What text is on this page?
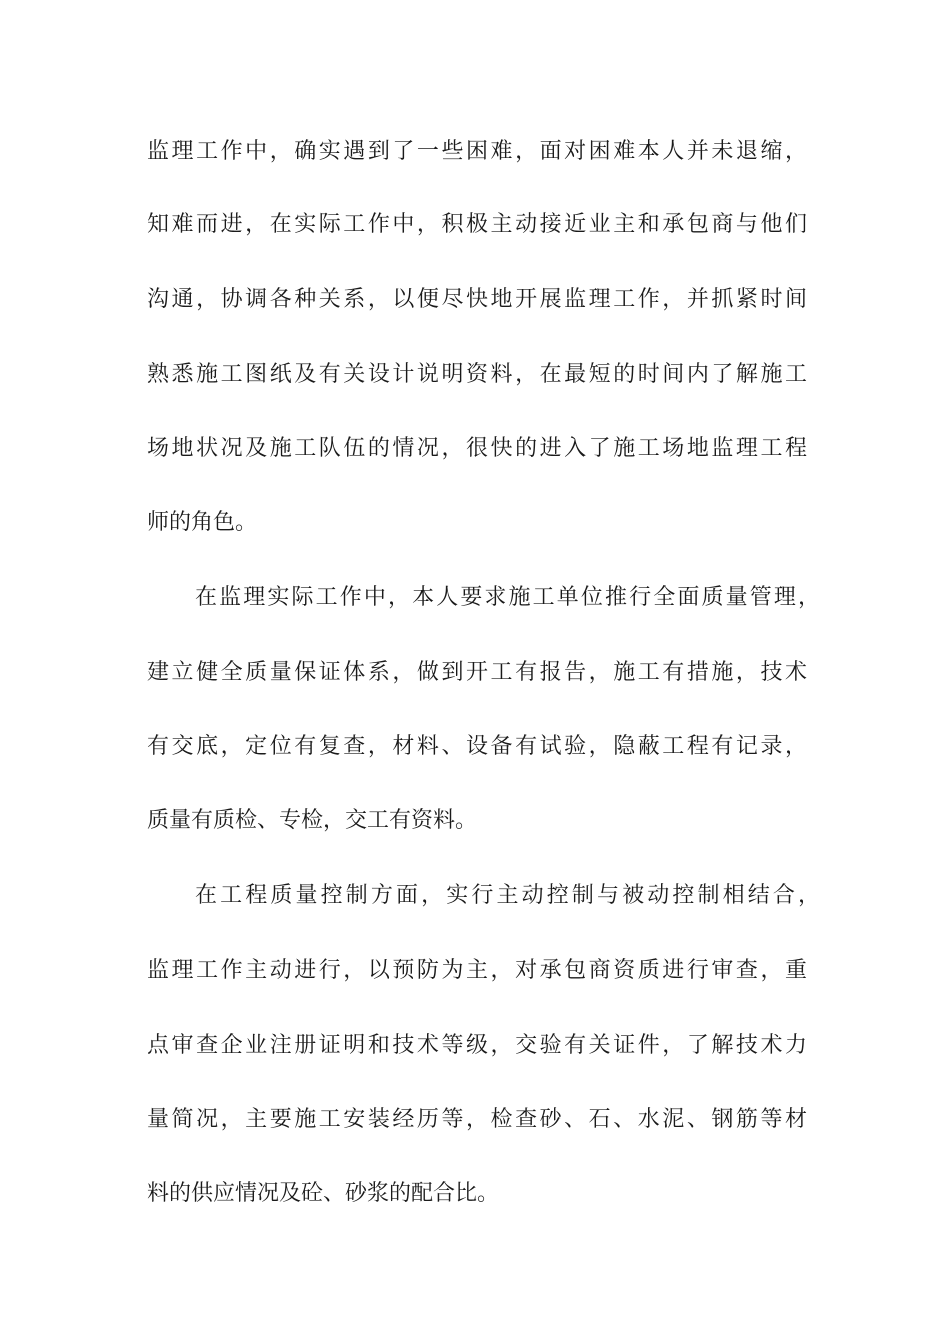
监理工作中，确实遇到了一些困难，面对困难本人并未退缩，
知难而进，在实际工作中，积极主动接近业主和承包商与他们
沟通，协调各种关系，以便尽快地开展监理工作，并抓紧时间
熟悉施工图纸及有关设计说明资料，在最短的时间内了解施工
场地状况及施工队伍的情况，很快的进入了施工场地监理工程
师的角色。
在监理实际工作中，本人要求施工单位推行全面质量管理，
建立健全质量保证体系，做到开工有报告，施工有措施，技术
有交底，定位有复查，材料、设备有试验，隐蔽工程有记录，
质量有质检、专检，交工有资料。
在工程质量控制方面，实行主动控制与被动控制相结合，
监理工作主动进行，以预防为主，对承包商资质进行审查，重
点审查企业注册证明和技术等级，交验有关证件，了解技术力
量简况，主要施工安装经历等，检查砂、石、水泥、钢筋等材
料的供应情况及砼、砂浆的配合比。
